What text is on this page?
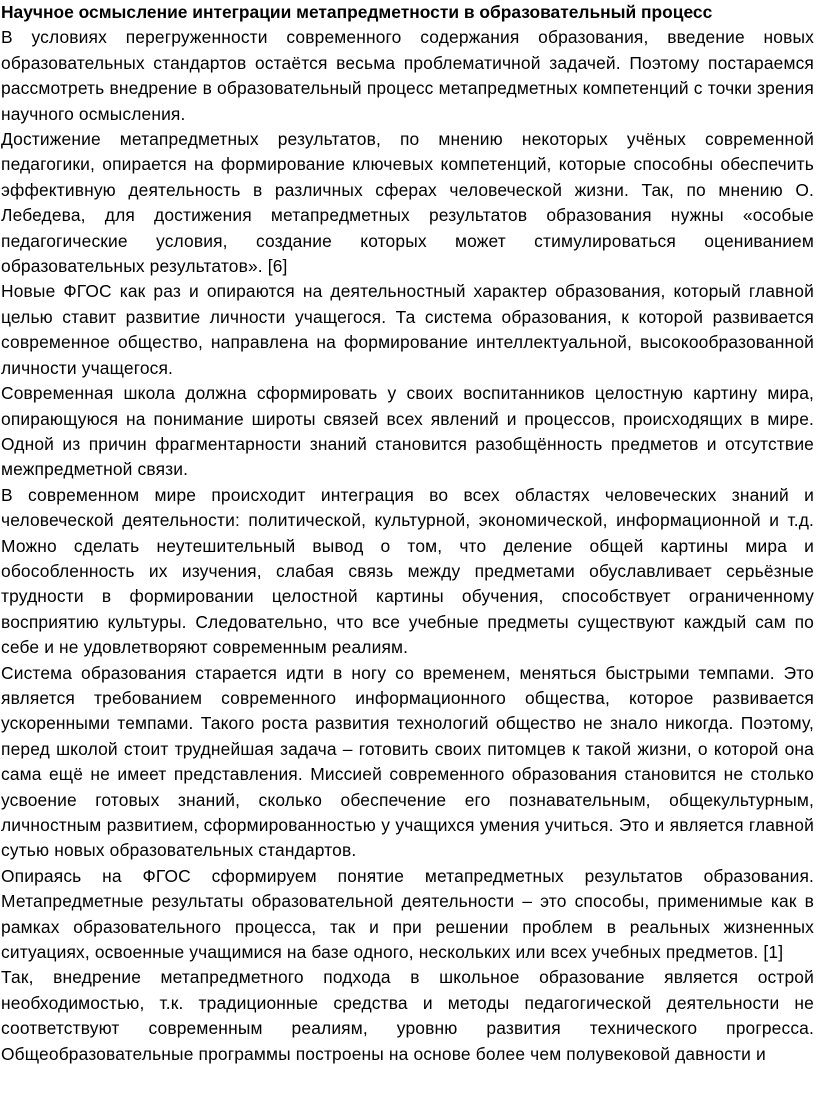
Научное осмысление интеграции метапредметности в образовательный процесс

В условиях перегруженности современного содержания образования, введение новых образовательных стандартов остаётся весьма проблематичной задачей. Поэтому постараемся рассмотреть внедрение в образовательный процесс метапредметных компетенций с точки зрения научного осмысления.

Достижение метапредметных результатов, по мнению некоторых учёных современной педагогики, опирается на формирование ключевых компетенций, которые способны обеспечить эффективную деятельность в различных сферах человеческой жизни. Так, по мнению О. Лебедева, для достижения метапредметных результатов образования нужны «особые педагогические условия, создание которых может стимулироваться оцениванием образовательных результатов». [6]

Новые ФГОС как раз и опираются на деятельностный характер образования, который главной целью ставит развитие личности учащегося. Та система образования, к которой развивается современное общество, направлена на формирование интеллектуальной, высокообразованной личности учащегося.

Современная школа должна сформировать у своих воспитанников целостную картину мира, опирающуюся на понимание широты связей всех явлений и процессов, происходящих в мире. Одной из причин фрагментарности знаний становится разобщённость предметов и отсутствие межпредметной связи.

В современном мире происходит интеграция во всех областях человеческих знаний и человеческой деятельности: политической, культурной, экономической, информационной и т.д. Можно сделать неутешительный вывод о том, что деление общей картины мира и обособленность их изучения, слабая связь между предметами обуславливает серьёзные трудности в формировании целостной картины обучения, способствует ограниченному восприятию культуры. Следовательно, что все учебные предметы существуют каждый сам по себе и не удовлетворяют современным реалиям.

Система образования старается идти в ногу со временем, меняться быстрыми темпами. Это является требованием современного информационного общества, которое развивается ускоренными темпами. Такого роста развития технологий общество не знало никогда. Поэтому, перед школой стоит труднейшая задача – готовить своих питомцев к такой жизни, о которой она сама ещё не имеет представления. Миссией современного образования становится не столько усвоение готовых знаний, сколько обеспечение его познавательным, общекультурным, личностным развитием, сформированностью у учащихся умения учиться. Это и является главной сутью новых образовательных стандартов.

Опираясь на ФГОС сформируем понятие метапредметных результатов образования. Метапредметные результаты образовательной деятельности – это способы, применимые как в рамках образовательного процесса, так и при решении проблем в реальных жизненных ситуациях, освоенные учащимися на базе одного, нескольких или всех учебных предметов. [1]

Так, внедрение метапредметного подхода в школьное образование является острой необходимостью, т.к. традиционные средства и методы педагогической деятельности не соответствуют современным реалиям, уровню развития технического прогресса. Общеобразовательные программы построены на основе более чем полувековой давности и
